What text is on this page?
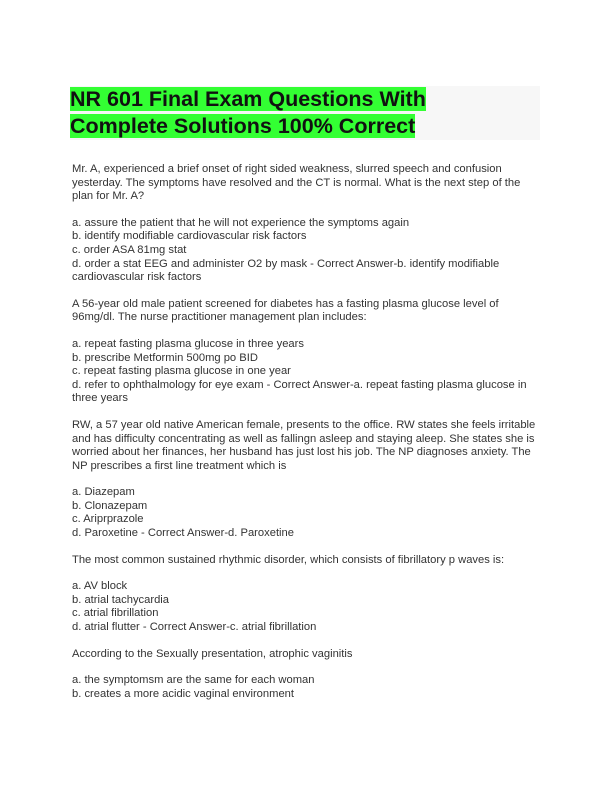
NR 601 Final Exam Questions With
Complete Solutions 100% Correct

Mr. A, experienced a brief onset of right sided weakness, slurred speech and confusion yesterday. The symptoms have resolved and the CT is normal. What is the next step of the plan for Mr. A?

a. assure the patient that he will not experience the symptoms again
b. identify modifiable cardiovascular risk factors
c. order ASA 81mg stat
d. order a stat EEG and administer O2 by mask - Correct Answer-b. identify modifiable cardiovascular risk factors

A 56-year old male patient screened for diabetes has a fasting plasma glucose level of 96mg/dl. The nurse practitioner management plan includes:

a. repeat fasting plasma glucose in three years
b. prescribe Metformin 500mg po BID
c. repeat fasting plasma glucose in one year
d. refer to ophthalmology for eye exam - Correct Answer-a. repeat fasting plasma glucose in three years

RW, a 57 year old native American female, presents to the office. RW states she feels irritable and has difficulty concentrating as well as fallingn asleep and staying aleep. She states she is worried about her finances, her husband has just lost his job. The NP diagnoses anxiety. The NP prescribes a first line treatment which is

a. Diazepam
b. Clonazepam
c. Ariprprazole
d. Paroxetine - Correct Answer-d. Paroxetine

The most common sustained rhythmic disorder, which consists of fibrillatory p waves is:

a. AV block
b. atrial tachycardia
c. atrial fibrillation
d. atrial flutter - Correct Answer-c. atrial fibrillation

According to the Sexually presentation, atrophic vaginitis

a. the symptomsm are the same for each woman
b. creates a more acidic vaginal environment
